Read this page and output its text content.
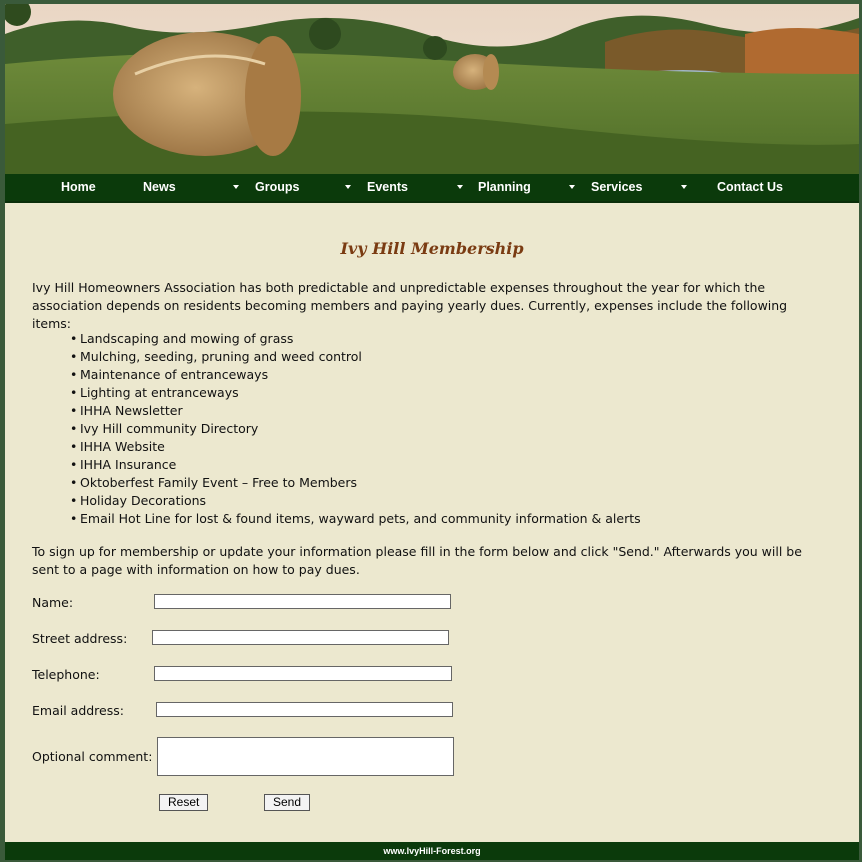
Home	News	Groups	Events	Planning	Services	Contact Us
Ivy Hill Membership
Ivy Hill Homeowners Association has both predictable and unpredictable expenses throughout the year for which the association depends on residents becoming members and paying yearly dues. Currently, expenses include the following items:
• Landscaping and mowing of grass
• Mulching, seeding, pruning and weed control
• Maintenance of entranceways
• Lighting at entranceways
• IHHA Newsletter
• Ivy Hill community Directory
• IHHA Website
• IHHA Insurance
• Oktoberfest Family Event – Free to Members
• Holiday Decorations
• Email Hot Line for lost & found items, wayward pets, and community information & alerts
To sign up for membership or update your information please fill in the form below and click "Send." Afterwards you will be sent to a page with information on how to pay dues.
Name:
Street address:
Telephone:
Email address:
Optional comment:
Reset	Send
www.IvyHill-Forest.org
